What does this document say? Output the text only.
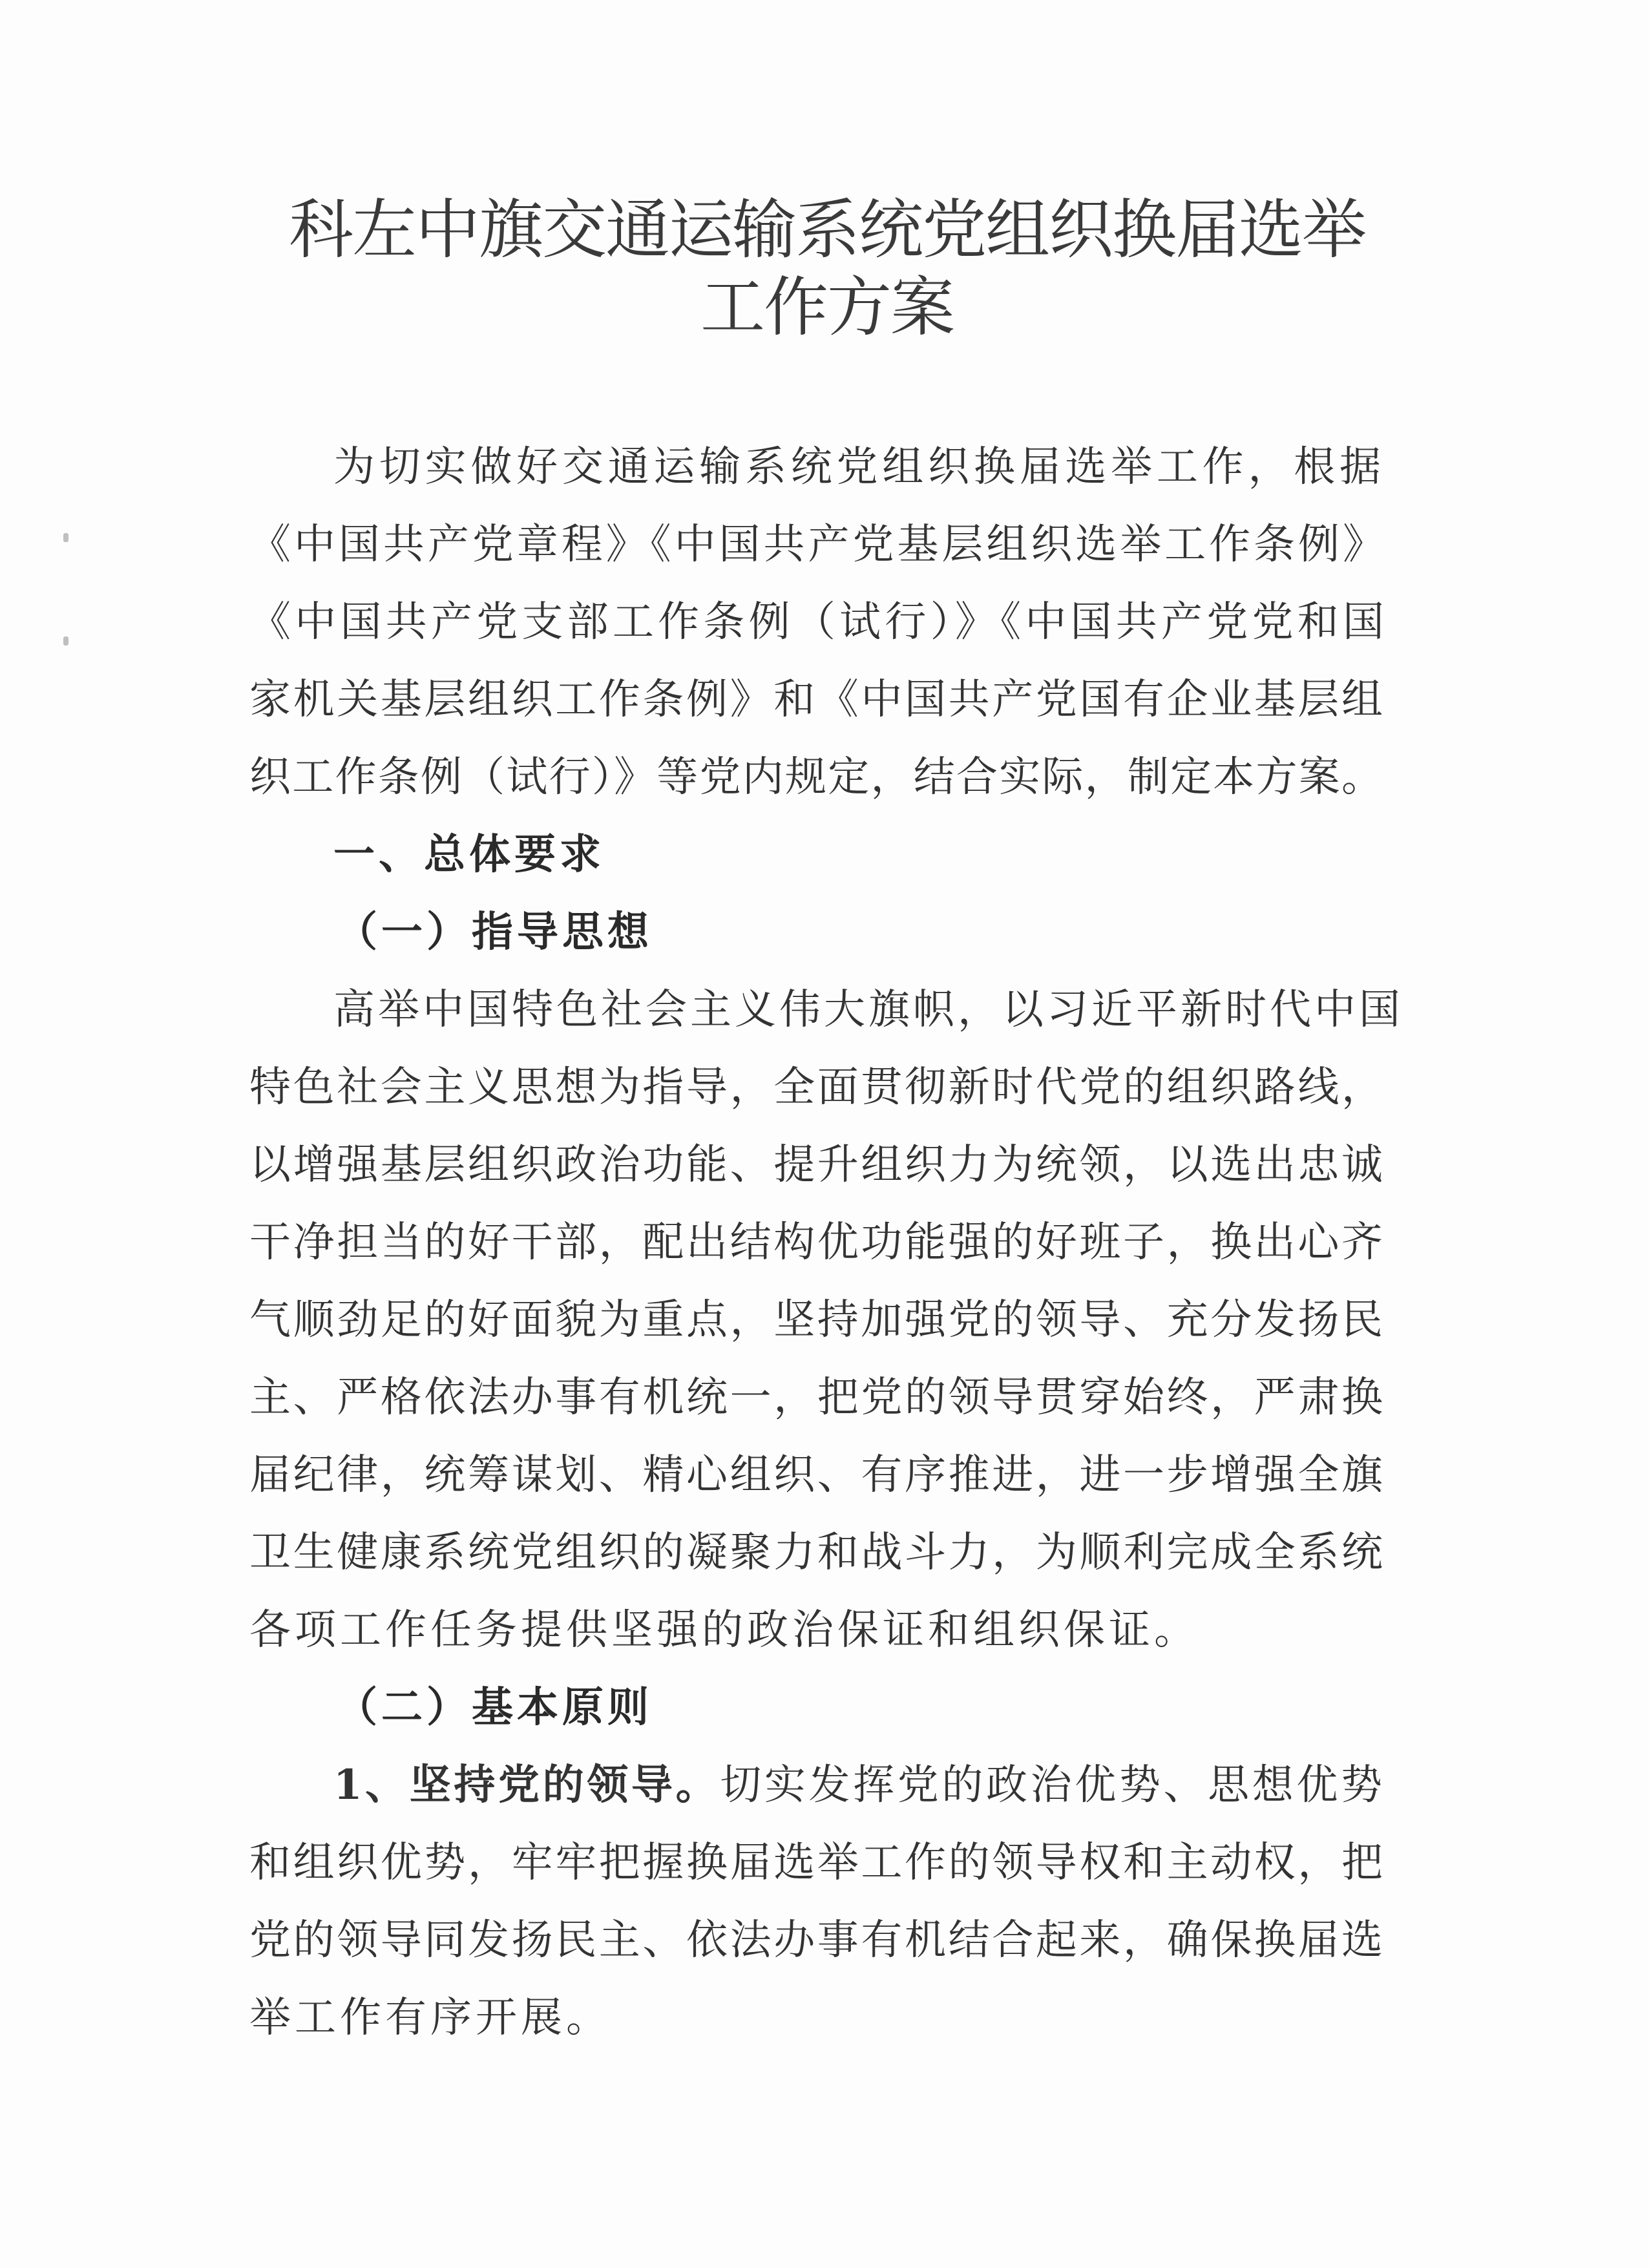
科左中旗交通运输系统党组织换届选举
工作方案
为切实做好交通运输系统党组织换届选举工作，根据
《中国共产党章程》《中国共产党基层组织选举工作条例》
《中国共产党支部工作条例（试行）》《中国共产党党和国
家机关基层组织工作条例》和《中国共产党国有企业基层组
织工作条例（试行）》等党内规定，结合实际，制定本方案。
一、总体要求
（一）指导思想
高举中国特色社会主义伟大旗帜，以习近平新时代中国
特色社会主义思想为指导，全面贯彻新时代党的组织路线，
以增强基层组织政治功能、提升组织力为统领，以选出忠诚
干净担当的好干部，配出结构优功能强的好班子，换出心齐
气顺劲足的好面貌为重点，坚持加强党的领导、充分发扬民
主、严格依法办事有机统一，把党的领导贯穿始终，严肃换
届纪律，统筹谋划、精心组织、有序推进，进一步增强全旗
卫生健康系统党组织的凝聚力和战斗力，为顺利完成全系统
各项工作任务提供坚强的政治保证和组织保证。
（二）基本原则
1、坚持党的领导。切实发挥党的政治优势、思想优势
和组织优势，牢牢把握换届选举工作的领导权和主动权，把
党的领导同发扬民主、依法办事有机结合起来，确保换届选
举工作有序开展。
